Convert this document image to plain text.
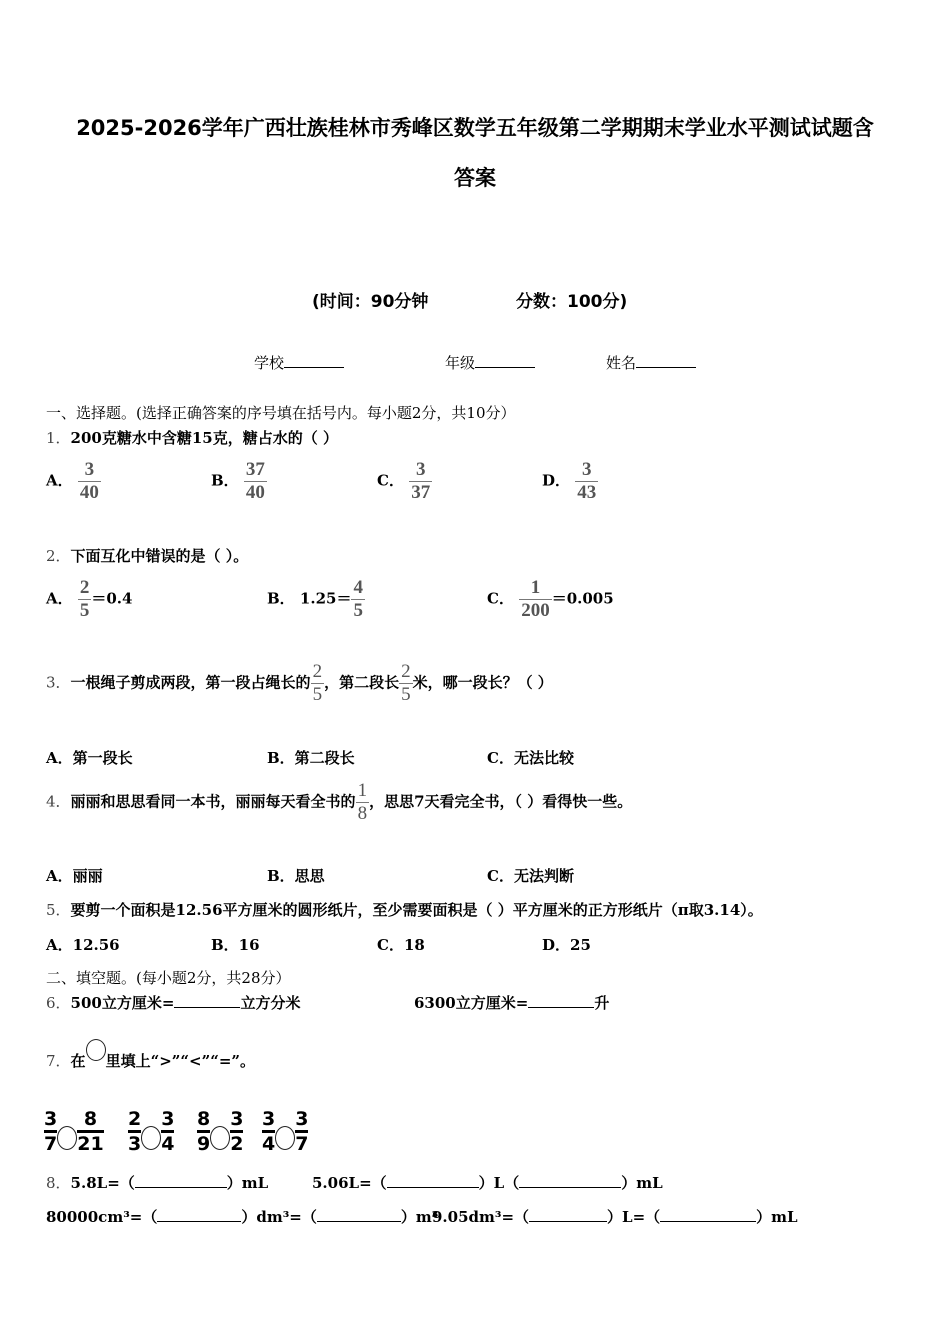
2025-2026学年广西壮族桂林市秀峰区数学五年级第二学期期末学业水平测试试题含
答案
(时间：90分钟	分数：100分)
学校	年级	姓名
一、选择题。(选择正确答案的序号填在括号内。每小题2分，共10分）
1．200克糖水中含糖15克，糖占水的（ ）
A． $\frac{3}{40}$	B． $\frac{37}{40}$	C． $\frac{3}{37}$	D． $\frac{3}{43}$
2．下面互化中错误的是（ ）。
A． $\frac{2}{5} =0.4$	B． $1.25= \frac{4}{5}$	C． $\frac{1}{200} =0.005$
3．一根绳子剪成两段，第一段占绳长的 $\frac{2}{5}$ ，第二段长 $\frac{2}{5}$ 米，哪一段长？（ ）
A．第一段长	B．第二段长	C．无法比较
4．丽丽和思思看同一本书，丽丽每天看全书的 $\frac{1}{8}$ ，思思7天看完全书，（ ）看得快一些。
A．丽丽	B．思思	C．无法判断
5．要剪一个面积是12.56平方厘米的圆形纸片，至少需要面积是（ ）平方厘米的正方形纸片（π取3.14）。
A．12.56	B．16	C．18	D．25
二、填空题。(每小题2分，共28分）
6．500立方厘米=	立方分米	6300立方厘米=	升
7．在 里填上“>”“<”“=”。
$\frac{3}{7} \frac{8}{21} \frac{2}{3} \frac{3}{4} \frac{8}{9} \frac{3}{2} \frac{3}{4} \frac{3}{7}$
8．5.8L=（	）mL	5.06L=（	）L（	）mL
80000cm³=（	）dm³=（	）m³
9.05dm³=（	）L=（	）mL
